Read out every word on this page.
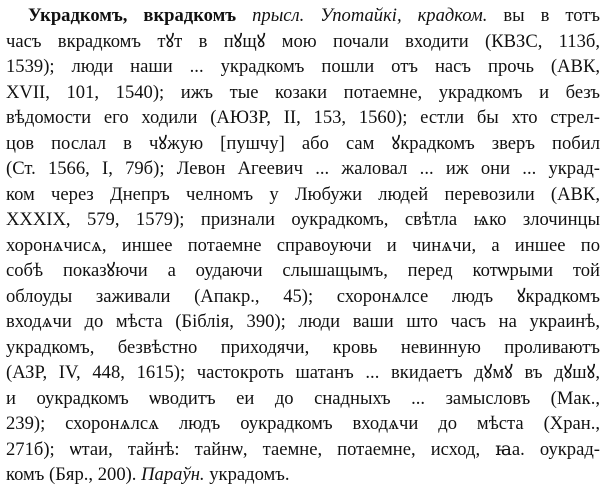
Украдкомъ, вкрадкомъ прысл. Употайкі, крадком. вы в тотъ
часъ вкрадкомъ тꙋт в пꙋщꙋ мою почали входити (КВЗС, 113б,
1539); люди наши ... украдкомъ пошли отъ насъ прочь (АВК,
XVII, 101, 1540); ижъ тые козаки потаемне, украдкомъ и безъ
вѣдомости его ходили (АЮЗР, II, 153, 1560); естли бы хто стрел-
цов послал в чꙋжую [пушчу] або сам ꙋкрадкомъ зверъ побил
(Ст. 1566, I, 79б); Левон Агеевич ... жаловал ... иж они ... украд-
ком через Днепръ челномъ у Любужи людей перевозили (АВК,
XXXIX, 579, 1579); признали оукрадкомъ, свѣтла ѩко злочинцы
хоронѧчисѧ, иншее потаемне справоуючи и чинѧчи, а иншее по
собѣ показꙋючи а оудаючи слышащымъ, перед котѡрыми той
облоуды заживали (Апакр., 45); схоронѧлсе людъ ꙋкрадкомъ
входѧчи до мѣста (Біблія, 390); люди ваши што часъ на украинѣ,
украдкомъ, безвѣстно приходячи, кровь невинную проливаютъ
(АЗР, IV, 448, 1615); частокроть шатанъ ... вкидаетъ дꙋмꙋ въ дꙋшꙋ,
и оукрадкомъ ѡводитъ еи до снадныхъ ... замысловъ (Мак.,
239); схоронѧлсѧ людъ оукрадкомъ входѧчи до мѣста (Хран.,
271б); ѡтаи, тайнѣ: тайнѡ, таемне, потаемне, исход, ꙗа. оукрад-
комъ (Бяр., 200). Параўн. украдомъ.
